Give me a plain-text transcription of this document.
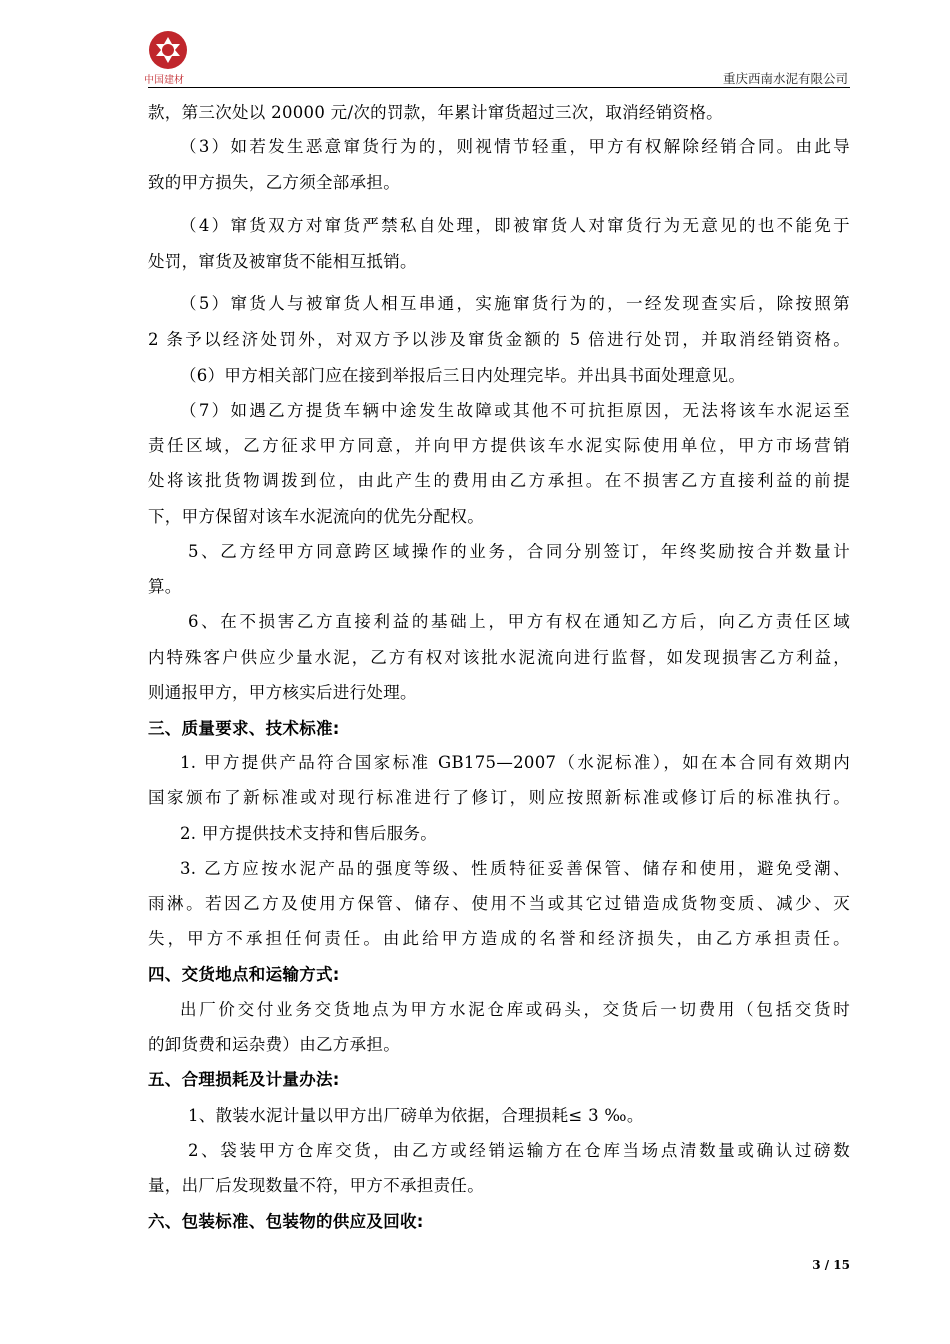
中国建材	重庆西南水泥有限公司
款，第三次处以 20000 元/次的罚款，年累计窜货超过三次，取消经销资格。
（3）如若发生恶意窜货行为的，则视情节轻重，甲方有权解除经销合同。由此导
致的甲方损失，乙方须全部承担。
（4）窜货双方对窜货严禁私自处理，即被窜货人对窜货行为无意见的也不能免于
处罚，窜货及被窜货不能相互抵销。
（5）窜货人与被窜货人相互串通，实施窜货行为的，一经发现查实后，除按照第
2 条予以经济处罚外，对双方予以涉及窜货金额的 5 倍进行处罚，并取消经销资格。
（6）甲方相关部门应在接到举报后三日内处理完毕。并出具书面处理意见。
（7）如遇乙方提货车辆中途发生故障或其他不可抗拒原因，无法将该车水泥运至
责任区域，乙方征求甲方同意，并向甲方提供该车水泥实际使用单位，甲方市场营销
处将该批货物调拨到位，由此产生的费用由乙方承担。在不损害乙方直接利益的前提
下，甲方保留对该车水泥流向的优先分配权。
5、乙方经甲方同意跨区域操作的业务，合同分别签订，年终奖励按合并数量计
算。
6、在不损害乙方直接利益的基础上，甲方有权在通知乙方后，向乙方责任区域
内特殊客户供应少量水泥，乙方有权对该批水泥流向进行监督，如发现损害乙方利益，
则通报甲方，甲方核实后进行处理。
三、质量要求、技术标准:
1. 甲方提供产品符合国家标准 GB175—2007（水泥标准），如在本合同有效期内
国家颁布了新标准或对现行标准进行了修订，则应按照新标准或修订后的标准执行。
2. 甲方提供技术支持和售后服务。
3. 乙方应按水泥产品的强度等级、性质特征妥善保管、储存和使用，避免受潮、
雨淋。若因乙方及使用方保管、储存、使用不当或其它过错造成货物变质、减少、灭
失，甲方不承担任何责任。由此给甲方造成的名誉和经济损失，由乙方承担责任。
四、交货地点和运输方式:
出厂价交付业务交货地点为甲方水泥仓库或码头，交货后一切费用（包括交货时
的卸货费和运杂费）由乙方承担。
五、合理损耗及计量办法:
1、散装水泥计量以甲方出厂磅单为依据，合理损耗≤ 3 ‰。
2、袋装甲方仓库交货，由乙方或经销运输方在仓库当场点清数量或确认过磅数
量，出厂后发现数量不符，甲方不承担责任。
六、包装标准、包装物的供应及回收:
3 / 15
